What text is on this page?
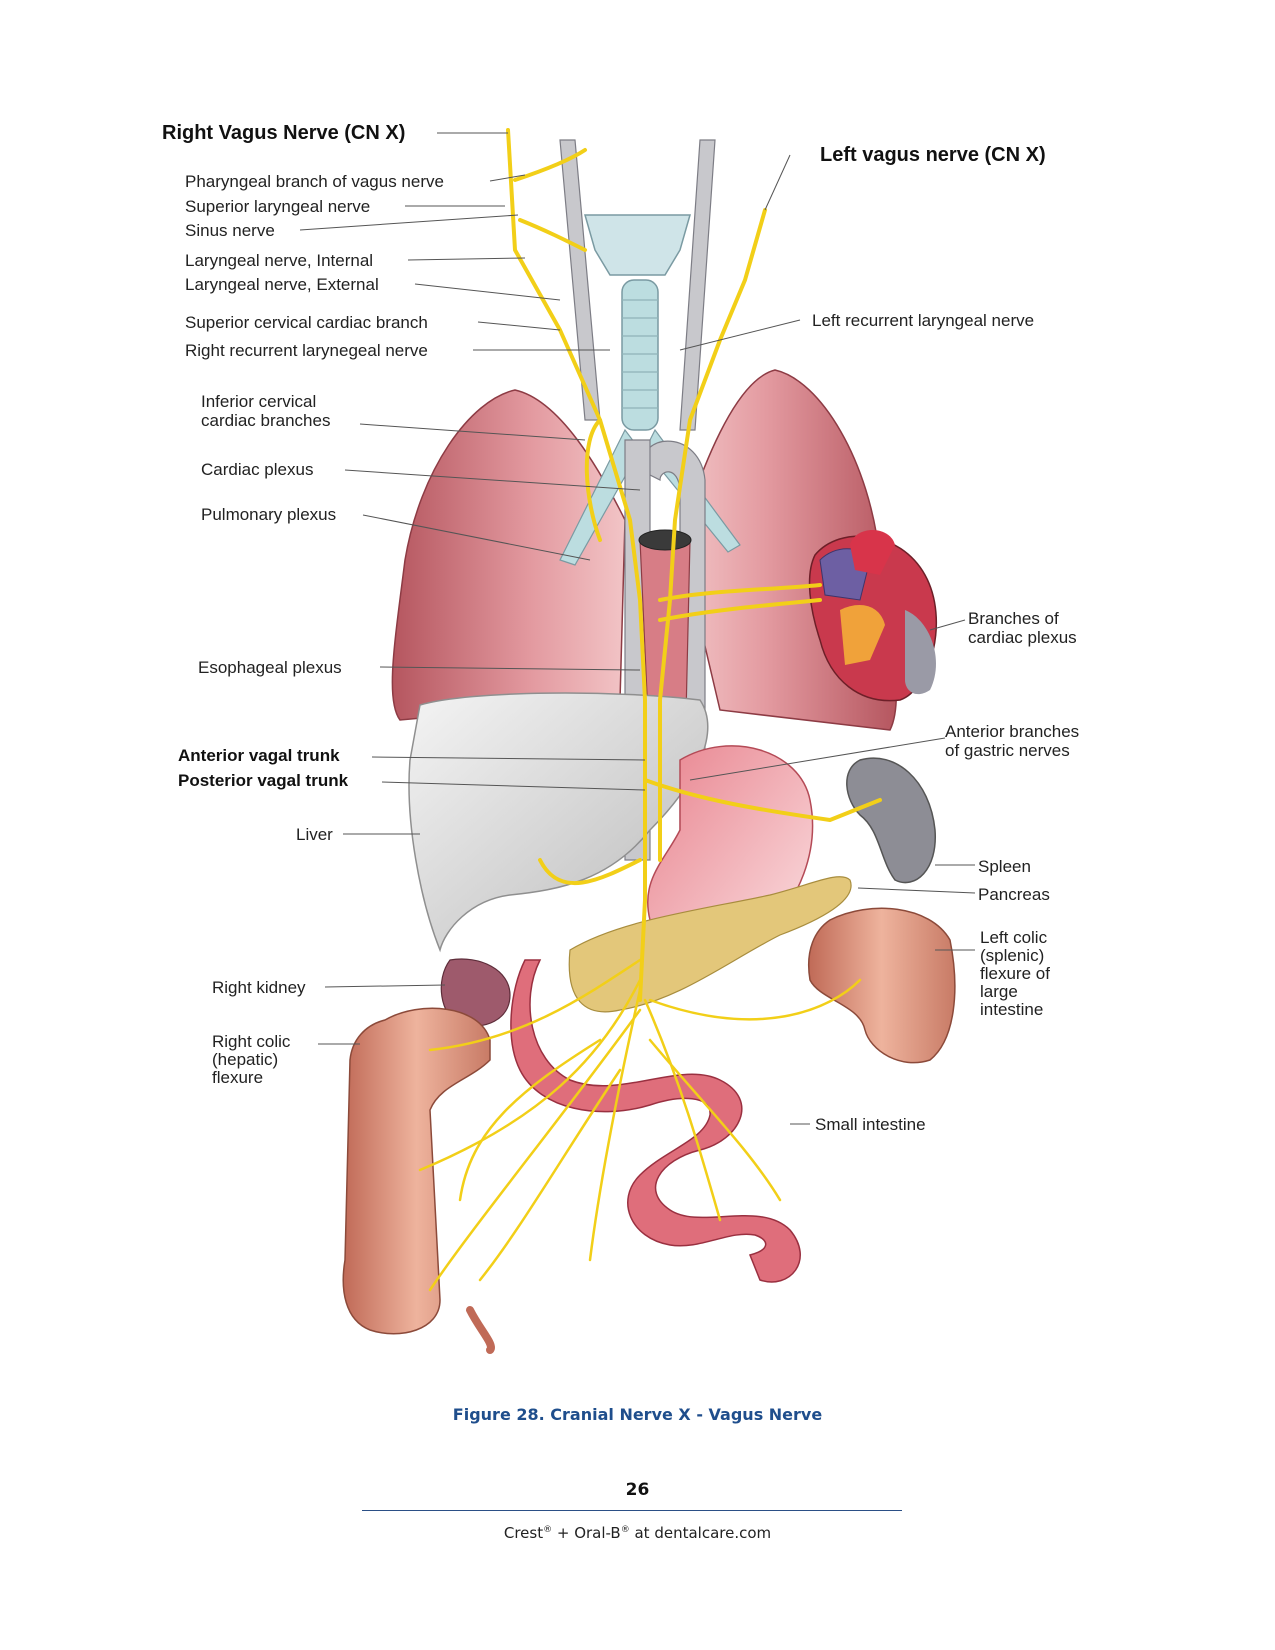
Right Vagus Nerve (CN X)
Left vagus nerve (CN X)
Pharyngeal branch of vagus nerve
Superior laryngeal nerve
Sinus nerve
Laryngeal nerve, Internal
Laryngeal nerve, External
Superior cervical cardiac branch
Right recurrent larynegeal nerve
Left recurrent laryngeal nerve
Inferior cervical
cardiac branches
Cardiac plexus
Pulmonary plexus
Branches of
cardiac plexus
Esophageal plexus
Anterior branches
of gastric nerves
Anterior vagal trunk
Posterior vagal trunk
Liver
Spleen
Pancreas
Left colic
(splenic)
flexure of
large
intestine
Right kidney
Right colic
(hepatic)
flexure
Small intestine
Figure 28. Cranial Nerve X - Vagus Nerve
26
Crest® + Oral-B® at dentalcare.com
